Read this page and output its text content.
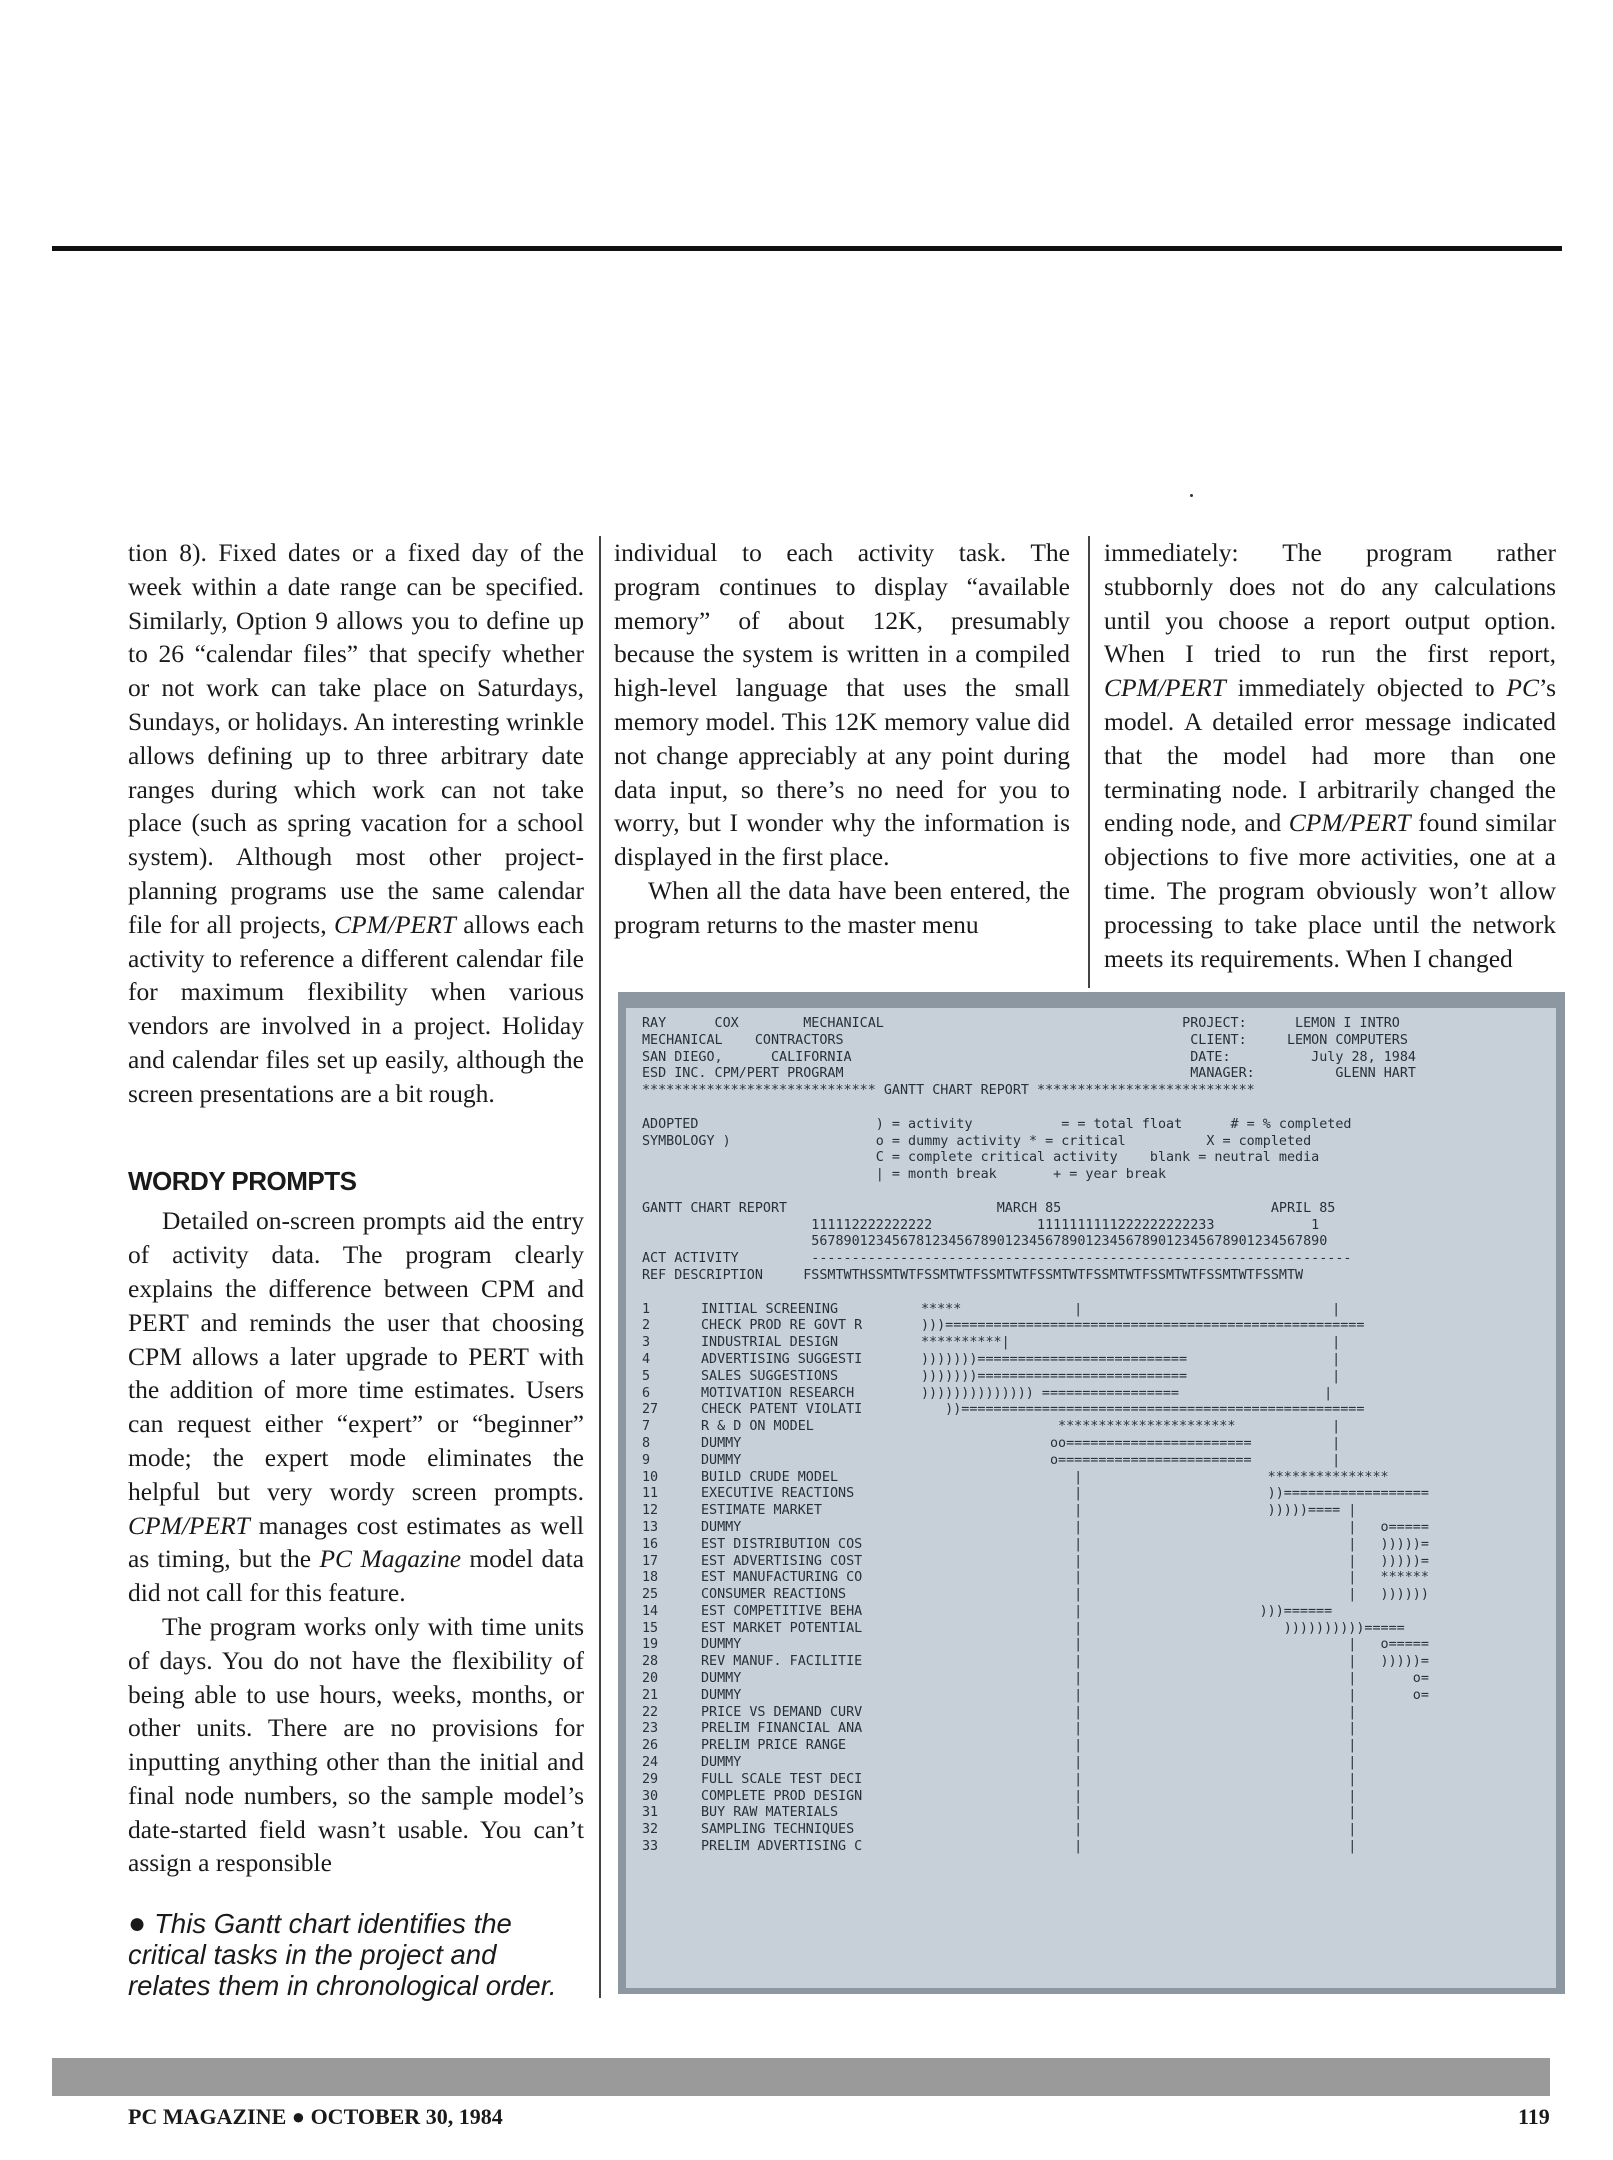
tion 8). Fixed dates or a fixed day of the week within a date range can be specified. Similarly, Option 9 allows you to define up to 26 “calendar files” that specify whether or not work can take place on Saturdays, Sundays, or holidays. An interesting wrinkle allows defining up to three arbitrary date ranges during which work can not take place (such as spring vacation for a school system). Although most other project-planning programs use the same calendar file for all projects, CPM/PERT allows each activity to reference a different calendar file for maximum flexibility when various vendors are involved in a project. Holiday and calendar files set up easily, although the screen presentations are a bit rough.

WORDY PROMPTS

Detailed on-screen prompts aid the entry of activity data. The program clearly explains the difference between CPM and PERT and reminds the user that choosing CPM allows a later upgrade to PERT with the addition of more time estimates. Users can request either “expert” or “beginner” mode; the expert mode eliminates the helpful but very wordy screen prompts. CPM/PERT manages cost estimates as well as timing, but the PC Magazine model data did not call for this feature.

The program works only with time units of days. You do not have the flexibility of being able to use hours, weeks, months, or other units. There are no provisions for inputting anything other than the initial and final node numbers, so the sample model’s date-started field wasn’t usable. You can’t assign a responsible

individual to each activity task. The program continues to display “available memory” of about 12K, presumably because the system is written in a compiled high-level language that uses the small memory model. This 12K memory value did not change appreciably at any point during data input, so there’s no need for you to worry, but I wonder why the information is displayed in the first place.

When all the data have been entered, the program returns to the master menu

immediately: The program rather stubbornly does not do any calculations until you choose a report output option. When I tried to run the first report, CPM/PERT immediately objected to PC’s model. A detailed error message indicated that the model had more than one terminating node. I arbitrarily changed the ending node, and CPM/PERT found similar objections to five more activities, one at a time. The program obviously won’t allow processing to take place until the network meets its requirements. When I changed

● This Gantt chart identifies the critical tasks in the project and relates them in chronological order.
RAY      COX        MECHANICAL                                     PROJECT:      LEMON I INTRO
MECHANICAL    CONTRACTORS                                           CLIENT:     LEMON COMPUTERS
SAN DIEGO,      CALIFORNIA                                          DATE:          July 28, 1984
ESD INC. CPM/PERT PROGRAM                                           MANAGER:          GLENN HART
***************************** GANTT CHART REPORT ***************************
ADOPTED                      ) = activity           = = total float      # = % completed
SYMBOLOGY )                  o = dummy activity * = critical          X = completed
C = complete critical activity    blank = neutral media
| = month break       + = year break
GANTT CHART REPORT                          MARCH 85                          APRIL 85
111112222222222             1111111111222222222233            1
5678901234567812345678901234567890123456789012345678901234567890
ACT ACTIVITY         -------------------------------------------------------------------
REF DESCRIPTION     FSSMTWTHSSMTWTFSSMTWTFSSMTWTFSSMTWTFSSMTWTFSSMTWTFSSMTWTFSSMTW
1	INITIAL SCREENING	*****              |                               |
2	CHECK PROD RE GOVT R	)))====================================================
3	INDUSTRIAL DESIGN	**********|                                        |
4	ADVERTISING SUGGESTI	)))))))==========================                  |
5	SALES SUGGESTIONS	)))))))==========================                  |
6	MOTIVATION RESEARCH	)))))))))))))) =================                  |
27	CHECK PATENT VIOLATI	))==================================================
7	R & D ON MODEL	**********************            |
8	DUMMY	oo=======================          |
9	DUMMY	o========================          |
10	BUILD CRUDE MODEL	|                       ***************
11	EXECUTIVE REACTIONS	|                       ))==================
12	ESTIMATE MARKET	|                       )))))==== |
13	DUMMY	|                                 |   o=====
16	EST DISTRIBUTION COS	|                                 |   )))))=
17	EST ADVERTISING COST	|                                 |   )))))=
18	EST MANUFACTURING CO	|                                 |   ******
25	CONSUMER REACTIONS	|                                 |   ))))))
14	EST COMPETITIVE BEHA	|                      )))======
15	EST MARKET POTENTIAL	|                         ))))))))))=====
19	DUMMY	|                                 |   o=====
28	REV MANUF. FACILITIE	|                                 |   )))))=
20	DUMMY	|                                 |       o=
21	DUMMY	|                                 |       o=
22	PRICE VS DEMAND CURV	|                                 |
23	PRELIM FINANCIAL ANA	|                                 |
26	PRELIM PRICE RANGE	|                                 |
24	DUMMY	|                                 |
29	FULL SCALE TEST DECI	|                                 |
30	COMPLETE PROD DESIGN	|                                 |
31	BUY RAW MATERIALS	|                                 |
32	SAMPLING TECHNIQUES	|                                 |
33	PRELIM ADVERTISING C	|                                 |
PC MAGAZINE ● OCTOBER 30, 1984	119
